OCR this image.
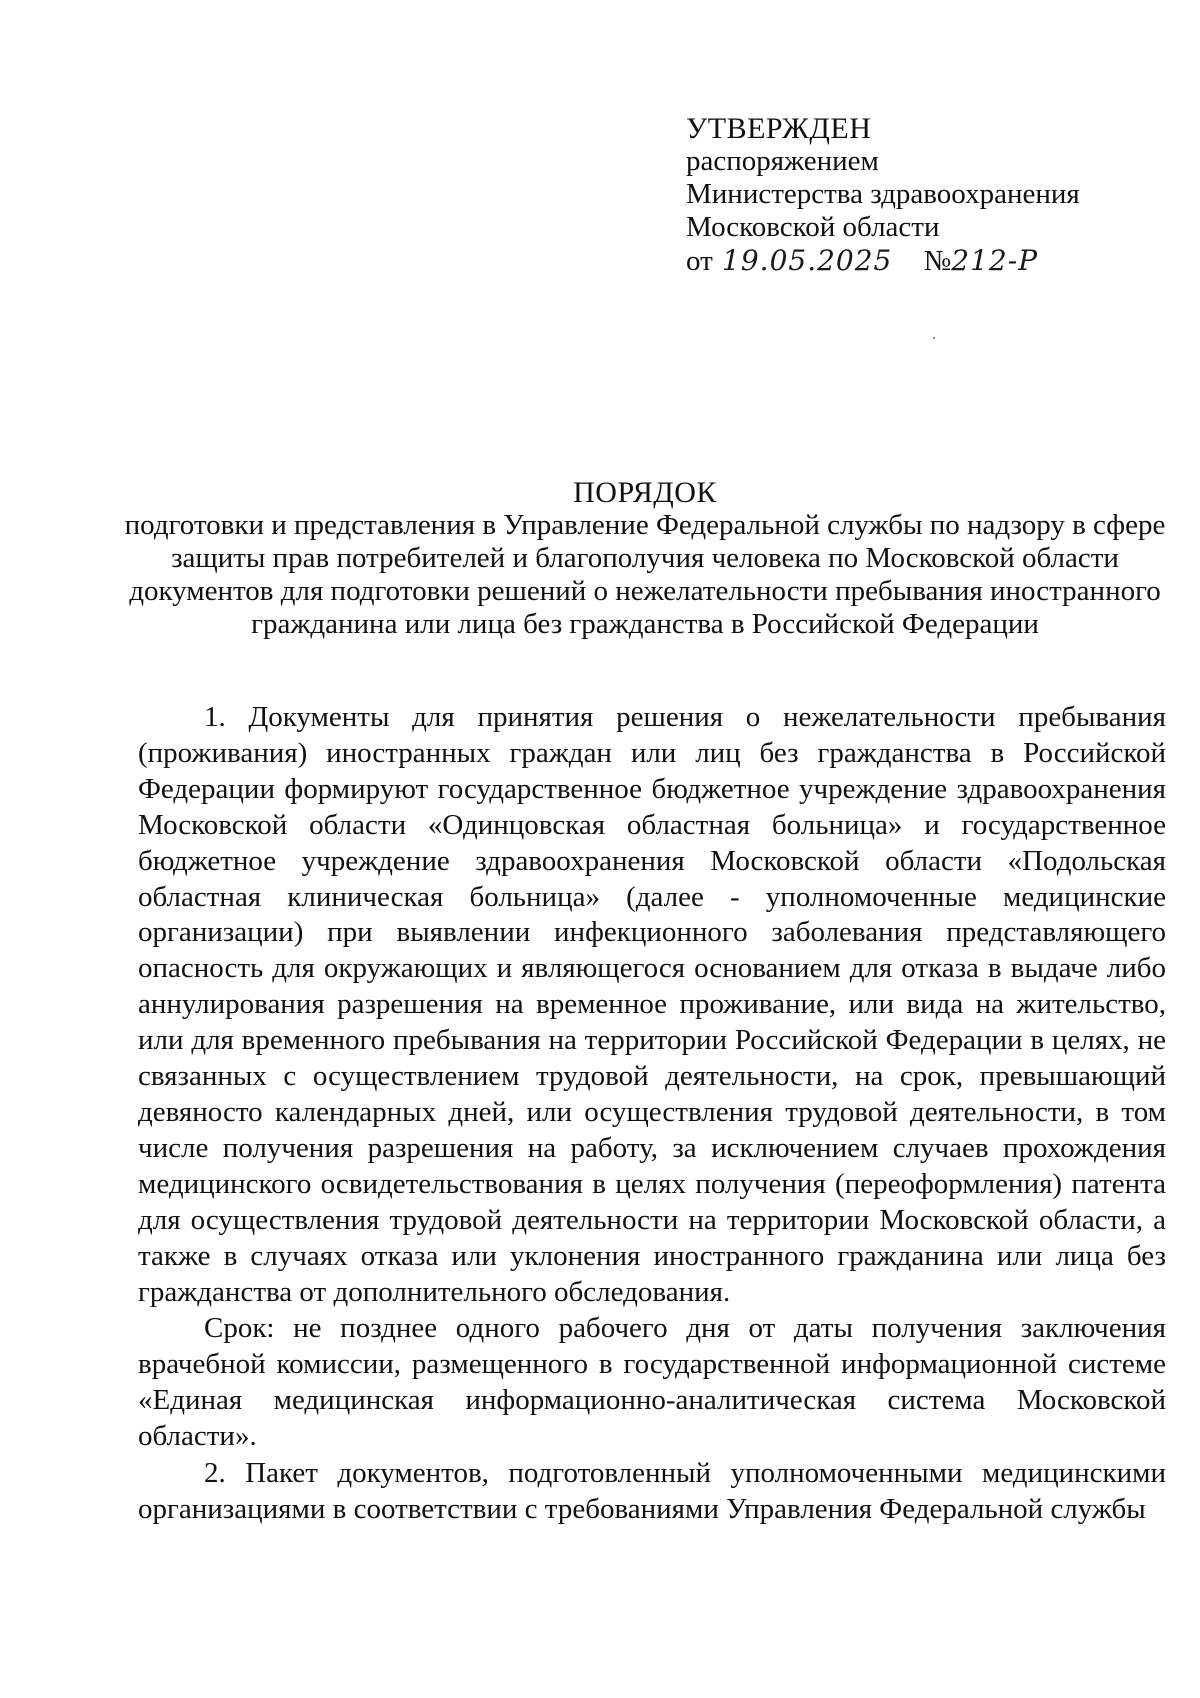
УТВЕРЖДЕН
распоряжением
Министерства здравоохранения
Московской области
от 19.05.2025 №212-Р
ПОРЯДОК

подготовки и представления в Управление Федеральной службы по надзору в сфере защиты прав потребителей и благополучия человека по Московской области документов для подготовки решений о нежелательности пребывания иностранного гражданина или лица без гражданства в Российской Федерации

1. Документы для принятия решения о нежелательности пребывания (проживания) иностранных граждан или лиц без гражданства в Российской Федерации формируют государственное бюджетное учреждение здравоохранения Московской области «Одинцовская областная больница» и государственное бюджетное учреждение здравоохранения Московской области «Подольская областная клиническая больница» (далее - уполномоченные медицинские организации) при выявлении инфекционного заболевания представляющего опасность для окружающих и являющегося основанием для отказа в выдаче либо аннулирования разрешения на временное проживание, или вида на жительство, или для временного пребывания на территории Российской Федерации в целях, не связанных с осуществлением трудовой деятельности, на срок, превышающий девяносто календарных дней, или осуществления трудовой деятельности, в том числе получения разрешения на работу, за исключением случаев прохождения медицинского освидетельствования в целях получения (переоформления) патента для осуществления трудовой деятельности на территории Московской области, а также в случаях отказа или уклонения иностранного гражданина или лица без гражданства от дополнительного обследования.

Срок: не позднее одного рабочего дня от даты получения заключения врачебной комиссии, размещенного в государственной информационной системе «Единая медицинская информационно-аналитическая система Московской области».

2. Пакет документов, подготовленный уполномоченными медицинскими организациями в соответствии с требованиями Управления Федеральной службы
